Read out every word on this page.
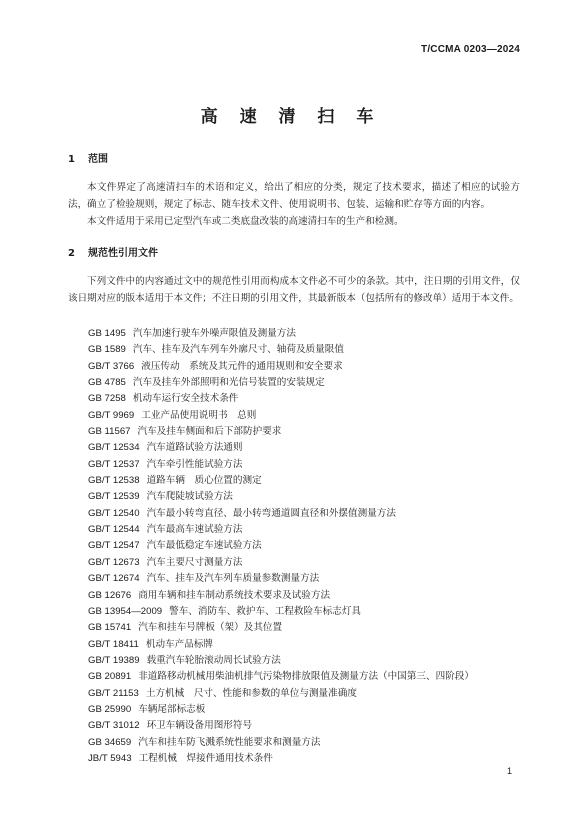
T/CCMA 0203—2024
高 速 清 扫 车
1 范围

本文件界定了高速清扫车的术语和定义，给出了相应的分类，规定了技术要求，描述了相应的试验方法，确立了检验规则，规定了标志、随车技术文件、使用说明书、包装、运输和贮存等方面的内容。

本文件适用于采用已定型汽车或二类底盘改装的高速清扫车的生产和检测。

2 规范性引用文件

下列文件中的内容通过文中的规范性引用而构成本文件必不可少的条款。其中，注日期的引用文件，仅该日期对应的版本适用于本文件；不注日期的引用文件，其最新版本（包括所有的修改单）适用于本文件。

GB 1495 汽车加速行驶车外噪声限值及测量方法
GB 1589 汽车、挂车及汽车列车外廓尺寸、轴荷及质量限值
GB/T 3766 液压传动　系统及其元件的通用规则和安全要求
GB 4785 汽车及挂车外部照明和光信号装置的安装规定
GB 7258 机动车运行安全技术条件
GB/T 9969 工业产品使用说明书　总则
GB 11567 汽车及挂车侧面和后下部防护要求
GB/T 12534 汽车道路试验方法通则
GB/T 12537 汽车牵引性能试验方法
GB/T 12538 道路车辆　质心位置的测定
GB/T 12539 汽车爬陡坡试验方法
GB/T 12540 汽车最小转弯直径、最小转弯通道圆直径和外摆值测量方法
GB/T 12544 汽车最高车速试验方法
GB/T 12547 汽车最低稳定车速试验方法
GB/T 12673 汽车主要尺寸测量方法
GB/T 12674 汽车、挂车及汽车列车质量参数测量方法
GB 12676 商用车辆和挂车制动系统技术要求及试验方法
GB 13954—2009 警车、消防车、救护车、工程救险车标志灯具
GB 15741 汽车和挂车号牌板（架）及其位置
GB/T 18411 机动车产品标牌
GB/T 19389 载重汽车轮胎滚动周长试验方法
GB 20891 非道路移动机械用柴油机排气污染物排放限值及测量方法（中国第三、四阶段）
GB/T 21153 土方机械　尺寸、性能和参数的单位与测量准确度
GB 25990 车辆尾部标志板
GB/T 31012 环卫车辆设备用图形符号
GB 34659 汽车和挂车防飞溅系统性能要求和测量方法
JB/T 5943 工程机械　焊接件通用技术条件
1
